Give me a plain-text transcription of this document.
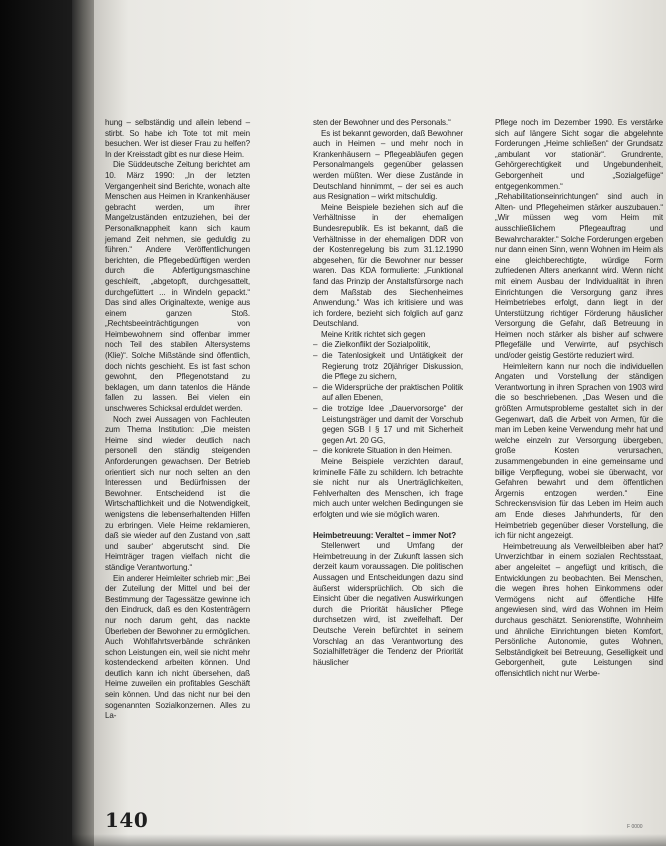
hung – selbständig und allein lebend – stirbt. So habe ich Tote tot mit mein besuchen. Wer ist dieser Frau zu helfen? In der Kreisstadt gibt es nur diese Heim.

Die Süddeutsche Zeitung berichtet am 10. März 1990: „In der letzten Vergangenheit sind Berichte, wonach alte Menschen aus Heimen in Krankenhäuser gebracht werden, um ihrer Mangelzuständen entzuziehen, bei der Personalknappheit kann sich kaum jemand Zeit nehmen, sie geduldig zu führen.“ Andere Veröffentlichungen berichten, die Pflegebedürftigen werden durch die Abfertigungsmaschine geschleift, „abgetopft, durchgesattelt, durchgefüttert ... in Windeln gepackt.“ Das sind alles Originaltexte, wenige aus einem ganzen Stoß. „Rechtsbeeinträchtigungen von Heimbewohnern sind offenbar immer noch Teil des stabilen Altersystems (Klie)“. Solche Mißstände sind öffentlich, doch nichts geschieht. Es ist fast schon gewohnt, den Pflegenotstand zu beklagen, um dann tatenlos die Hände fallen zu lassen. Bei vielen ein unschweres Schicksal erduldet werden.

Noch zwei Aussagen von Fachleuten zum Thema Institution: „Die meisten Heime sind wieder deutlich nach personell den ständig steigenden Anforderungen gewachsen. Der Betrieb orientiert sich nur noch selten an den Interessen und Bedürfnissen der Bewohner. Entscheidend ist die Wirtschaftlichkeit und die Notwendigkeit, wenigstens die lebenserhaltenden Hilfen zu erbringen. Viele Heime reklamieren, daß sie wieder auf den Zustand von ‚satt und sauber‘ abgerutscht sind. Die Heimträger tragen vielfach nicht die ständige Verantwortung.“

Ein anderer Heimleiter schrieb mir: „Bei der Zuteilung der Mittel und bei der Bestimmung der Tagessätze gewinne ich den Eindruck, daß es den Kostenträgern nur noch darum geht, das nackte Überleben der Bewohner zu ermöglichen. Auch Wohlfahrtsverbände schränken schon Leistungen ein, weil sie nicht mehr kostendeckend arbeiten können. Und deutlich kann ich nicht übersehen, daß Heime zuweilen ein profitables Geschäft sein können. Und das nicht nur bei den sogenannten Sozialkonzernen. Alles zu La-

sten der Bewohner und des Personals.“

Es ist bekannt geworden, daß Bewohner auch in Heimen – und mehr noch in Krankenhäusern – Pflegeabläufen gegen Personalmangels gegenüber gelassen werden müßten. Wer diese Zustände in Deutschland hinnimmt, – der sei es auch aus Resignation – wirkt mitschuldig.

Meine Beispiele beziehen sich auf die Verhältnisse in der ehemaligen Bundesrepublik. Es ist bekannt, daß die Verhältnisse in der ehemaligen DDR von der Kostenregelung bis zum 31.12.1990 abgesehen, für die Bewohner nur besser waren. Das KDA formulierte: „Funktional fand das Prinzip der Anstaltsfürsorge nach dem Maßstab des Siechenheimes Anwendung.“ Was ich kritisiere und was ich fordere, bezieht sich folglich auf ganz Deutschland.

Meine Kritik richtet sich gegen

– die Zielkonflikt der Sozialpolitik,
– die Tatenlosigkeit und Untätigkeit der Regierung trotz 20jähriger Diskussion, die Pflege zu sichern,
– die Widersprüche der praktischen Politik auf allen Ebenen,
– die trotzige Idee „Dauervorsorge“ der Leistungsträger und damit der Vorschub gegen SGB I § 17 und mit Sicherheit gegen Art. 20 GG,
– die konkrete Situation in den Heimen.

Meine Beispiele verzichten darauf, kriminelle Fälle zu schildern. Ich betrachte sie nicht nur als Unerträglichkeiten, Fehlverhalten des Menschen, ich frage mich auch unter welchen Bedingungen sie erfolgten und wie sie möglich waren.

Heimbetreuung: Veraltet – immer Not?

Stellenwert und Umfang der Heimbetreuung in der Zukunft lassen sich derzeit kaum voraussagen. Die politischen Aussagen und Entscheidungen dazu sind äußerst widersprüchlich. Ob sich die Einsicht über die negativen Auswirkungen durch die Priorität häuslicher Pflege durchsetzen wird, ist zweifelhaft. Der Deutsche Verein befürchtet in seinem Vorschlag an das Verantwortung des Sozialhilfeträger die Tendenz der Priorität häuslicher

Pflege noch im Dezember 1990. Es verstärke sich auf längere Sicht sogar die abgelehnte Forderungen „Heime schließen“ der Grundsatz „ambulant vor stationär“. Grundrente, Gehörgerechtigkeit und Ungebundenheit, Geborgenheit und „Sozialgefüge“ entgegenkommen.“ „Rehabilitationseinrichtungen“ sind auch in Alten- und Pflegeheimen stärker auszubauen.“ „Wir müssen weg vom Heim mit ausschließlichem Pflegeauftrag und Bewahrcharakter.“ Solche Forderungen ergeben nur dann einen Sinn, wenn Wohnen im Heim als eine gleichberechtigte, würdige Form zufriedenen Alters anerkannt wird. Wenn nicht mit einem Ausbau der Individualität in ihren Einrichtungen die Versorgung ganz ihres Heimbetriebes erfolgt, dann liegt in der Unterstützung richtiger Förderung häuslicher Versorgung die Gefahr, daß Betreuung in Heimen noch stärker als bisher auf schwere Pflegefälle und Verwirrte, auf psychisch und/oder geistig Gestörte reduziert wird.

Heimleitern kann nur noch die individuellen Angaten und Vorstellung der ständigen Verantwortung in ihren Sprachen von 1903 wird die so beschriebenen. „Das Wesen und die größten Armutsprobleme gestaltet sich in der Gegenwart, daß die Arbeit von Armen, für die man im Leben keine Verwendung mehr hat und welche einzeln zur Versorgung übergeben, große Kosten verursachen, zusammengebunden in eine gemeinsame und billige Verpflegung, wobei sie überwacht, vor Gefahren bewahrt und dem öffentlichen Ärgernis entzogen werden.“ Eine Schreckensvision für das Leben im Heim auch am Ende dieses Jahrhunderts, für den Heimbetrieb gegenüber dieser Vorstellung, die ich für nicht angezeigt.

Heimbetreuung als Verweilbleiben aber hat? Unverzichtbar in einem sozialen Rechtsstaat, aber angeleitet – angefügt und kritisch, die Entwicklungen zu beobachten. Bei Menschen, die wegen ihres hohen Einkommens oder Vermögens nicht auf öffentliche Hilfe angewiesen sind, wird das Wohnen im Heim durchaus geschätzt. Seniorenstifte, Wohnheim und ähnliche Einrichtungen bieten Komfort, Persönliche Autonomie, gutes Wohnen, Selbständigkeit bei Betreuung, Geselligkeit und Geborgenheit, gute Leistungen sind offensichtlich nicht nur Werbe-

140	F 0000
